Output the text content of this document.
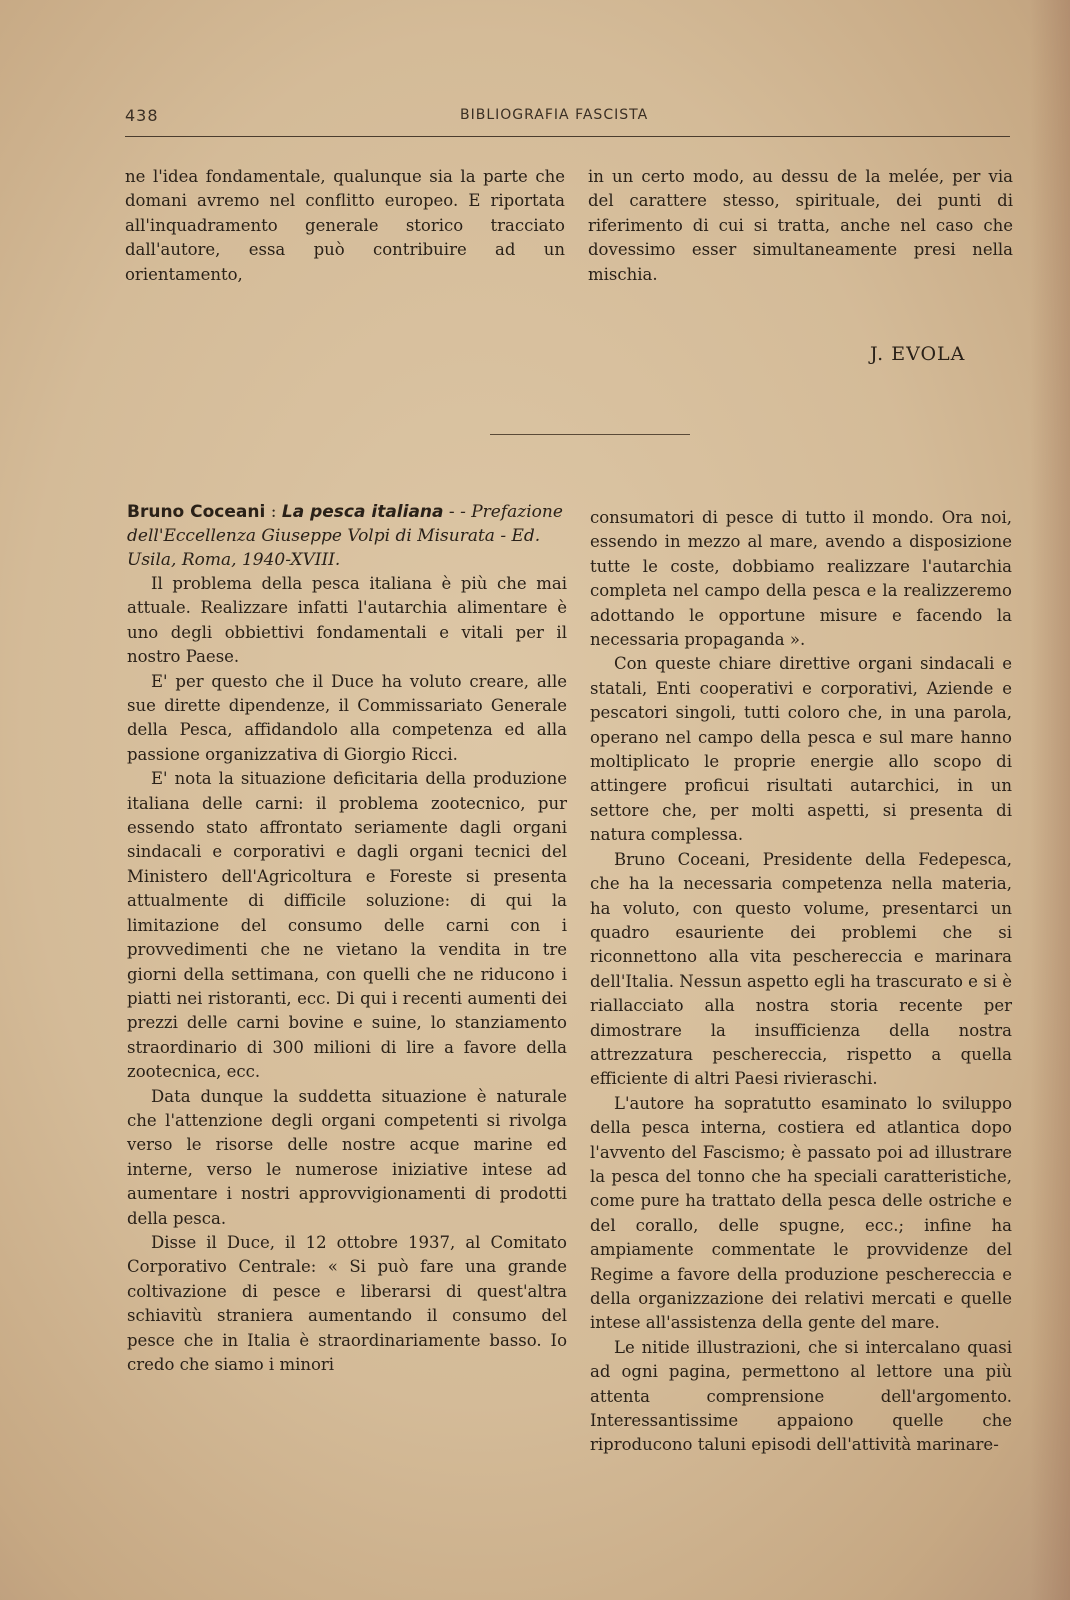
438	BIBLIOGRAFIA FASCISTA

ne l'idea fondamentale, qualunque sia la parte che domani avremo nel conflitto europeo. E riportata all'inquadramento generale storico tracciato dall'autore, essa può contribuire ad un orientamento,

in un certo modo, au dessu de la melée, per via del carattere stesso, spirituale, dei punti di riferimento di cui si tratta, anche nel caso che dovessimo esser simultaneamente presi nella mischia.

J. EVOLA

Bruno Coceani : La pesca italiana - - Prefazione dell'Eccellenza Giuseppe Volpi di Misurata - Ed. Usila, Roma, 1940-XVIII.

Il problema della pesca italiana è più che mai attuale. Realizzare infatti l'autarchia alimentare è uno degli obbiettivi fondamentali e vitali per il nostro Paese.

E' per questo che il Duce ha voluto creare, alle sue dirette dipendenze, il Commissariato Generale della Pesca, affidandolo alla competenza ed alla passione organizzativa di Giorgio Ricci.

E' nota la situazione deficitaria della produzione italiana delle carni: il problema zootecnico, pur essendo stato affrontato seriamente dagli organi sindacali e corporativi e dagli organi tecnici del Ministero dell'Agricoltura e Foreste si presenta attualmente di difficile soluzione: di qui la limitazione del consumo delle carni con i provvedimenti che ne vietano la vendita in tre giorni della settimana, con quelli che ne riducono i piatti nei ristoranti, ecc. Di qui i recenti aumenti dei prezzi delle carni bovine e suine, lo stanziamento straordinario di 300 milioni di lire a favore della zootecnica, ecc.

Data dunque la suddetta situazione è naturale che l'attenzione degli organi competenti si rivolga verso le risorse delle nostre acque marine ed interne, verso le numerose iniziative intese ad aumentare i nostri approvvigionamenti di prodotti della pesca.

Disse il Duce, il 12 ottobre 1937, al Comitato Corporativo Centrale: « Si può fare una grande coltivazione di pesce e liberarsi di quest'altra schiavitù straniera aumentando il consumo del pesce che in Italia è straordinariamente basso. Io credo che siamo i minori

consumatori di pesce di tutto il mondo. Ora noi, essendo in mezzo al mare, avendo a disposizione tutte le coste, dobbiamo realizzare l'autarchia completa nel campo della pesca e la realizzeremo adottando le opportune misure e facendo la necessaria propaganda ».

Con queste chiare direttive organi sindacali e statali, Enti cooperativi e corporativi, Aziende e pescatori singoli, tutti coloro che, in una parola, operano nel campo della pesca e sul mare hanno moltiplicato le proprie energie allo scopo di attingere proficui risultati autarchici, in un settore che, per molti aspetti, si presenta di natura complessa.

Bruno Coceani, Presidente della Fedepesca, che ha la necessaria competenza nella materia, ha voluto, con questo volume, presentarci un quadro esauriente dei problemi che si riconnettono alla vita peschereccia e marinara dell'Italia. Nessun aspetto egli ha trascurato e si è riallacciato alla nostra storia recente per dimostrare la insufficienza della nostra attrezzatura peschereccia, rispetto a quella efficiente di altri Paesi rivieraschi.

L'autore ha sopratutto esaminato lo sviluppo della pesca interna, costiera ed atlantica dopo l'avvento del Fascismo; è passato poi ad illustrare la pesca del tonno che ha speciali caratteristiche, come pure ha trattato della pesca delle ostriche e del corallo, delle spugne, ecc.; infine ha ampiamente commentate le provvidenze del Regime a favore della produzione peschereccia e della organizzazione dei relativi mercati e quelle intese all'assistenza della gente del mare.

Le nitide illustrazioni, che si intercalano quasi ad ogni pagina, permettono al lettore una più attenta comprensione dell'argomento. Interessantissime appaiono quelle che riproducono taluni episodi dell'attività marinare-
